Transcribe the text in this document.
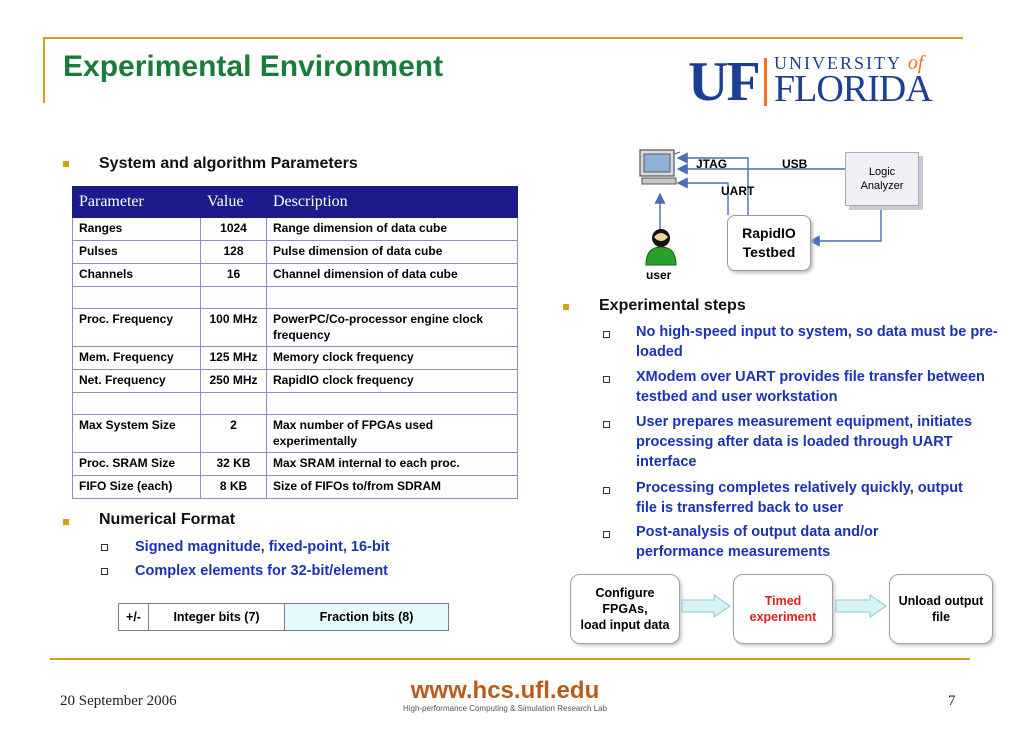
Experimental Environment	UF UNIVERSITY of
FLORIDA
System and algorithm Parameters
Parameter	Value	Description
Ranges	1024	Range dimension of data cube
Pulses	128	Pulse dimension of data cube
Channels	16	Channel dimension of data cube

Proc. Frequency	100 MHz	PowerPC/Co-processor engine clock frequency
Mem. Frequency	125 MHz	Memory clock frequency
Net. Frequency	250 MHz	RapidIO clock frequency

Max System Size	2	Max number of FPGAs used experimentally
Proc. SRAM Size	32 KB	Max SRAM internal to each proc.
FIFO Size (each)	8 KB	Size of FIFOs to/from SDRAM
Numerical Format
Signed magnitude, fixed-point, 16-bit
Complex elements for 32-bit/element
+/-	Integer bits (7)	Fraction bits (8)
JTAG	USB
UART
RapidIO
Testbed
Logic
Analyzer
user
Experimental steps
No high-speed input to system, so data must be pre-loaded
XModem over UART provides file transfer between testbed and user workstation
User prepares measurement equipment, initiates processing after data is loaded through UART interface
Processing completes relatively quickly, output file is transferred back to user
Post-analysis of output data and/or performance measurements
Configure
FPGAs,
load input data
Timed
experiment
Unload output
file
20 September 2006	www.hcs.ufl.edu
High-performance Computing & Simulation Research Lab	7
